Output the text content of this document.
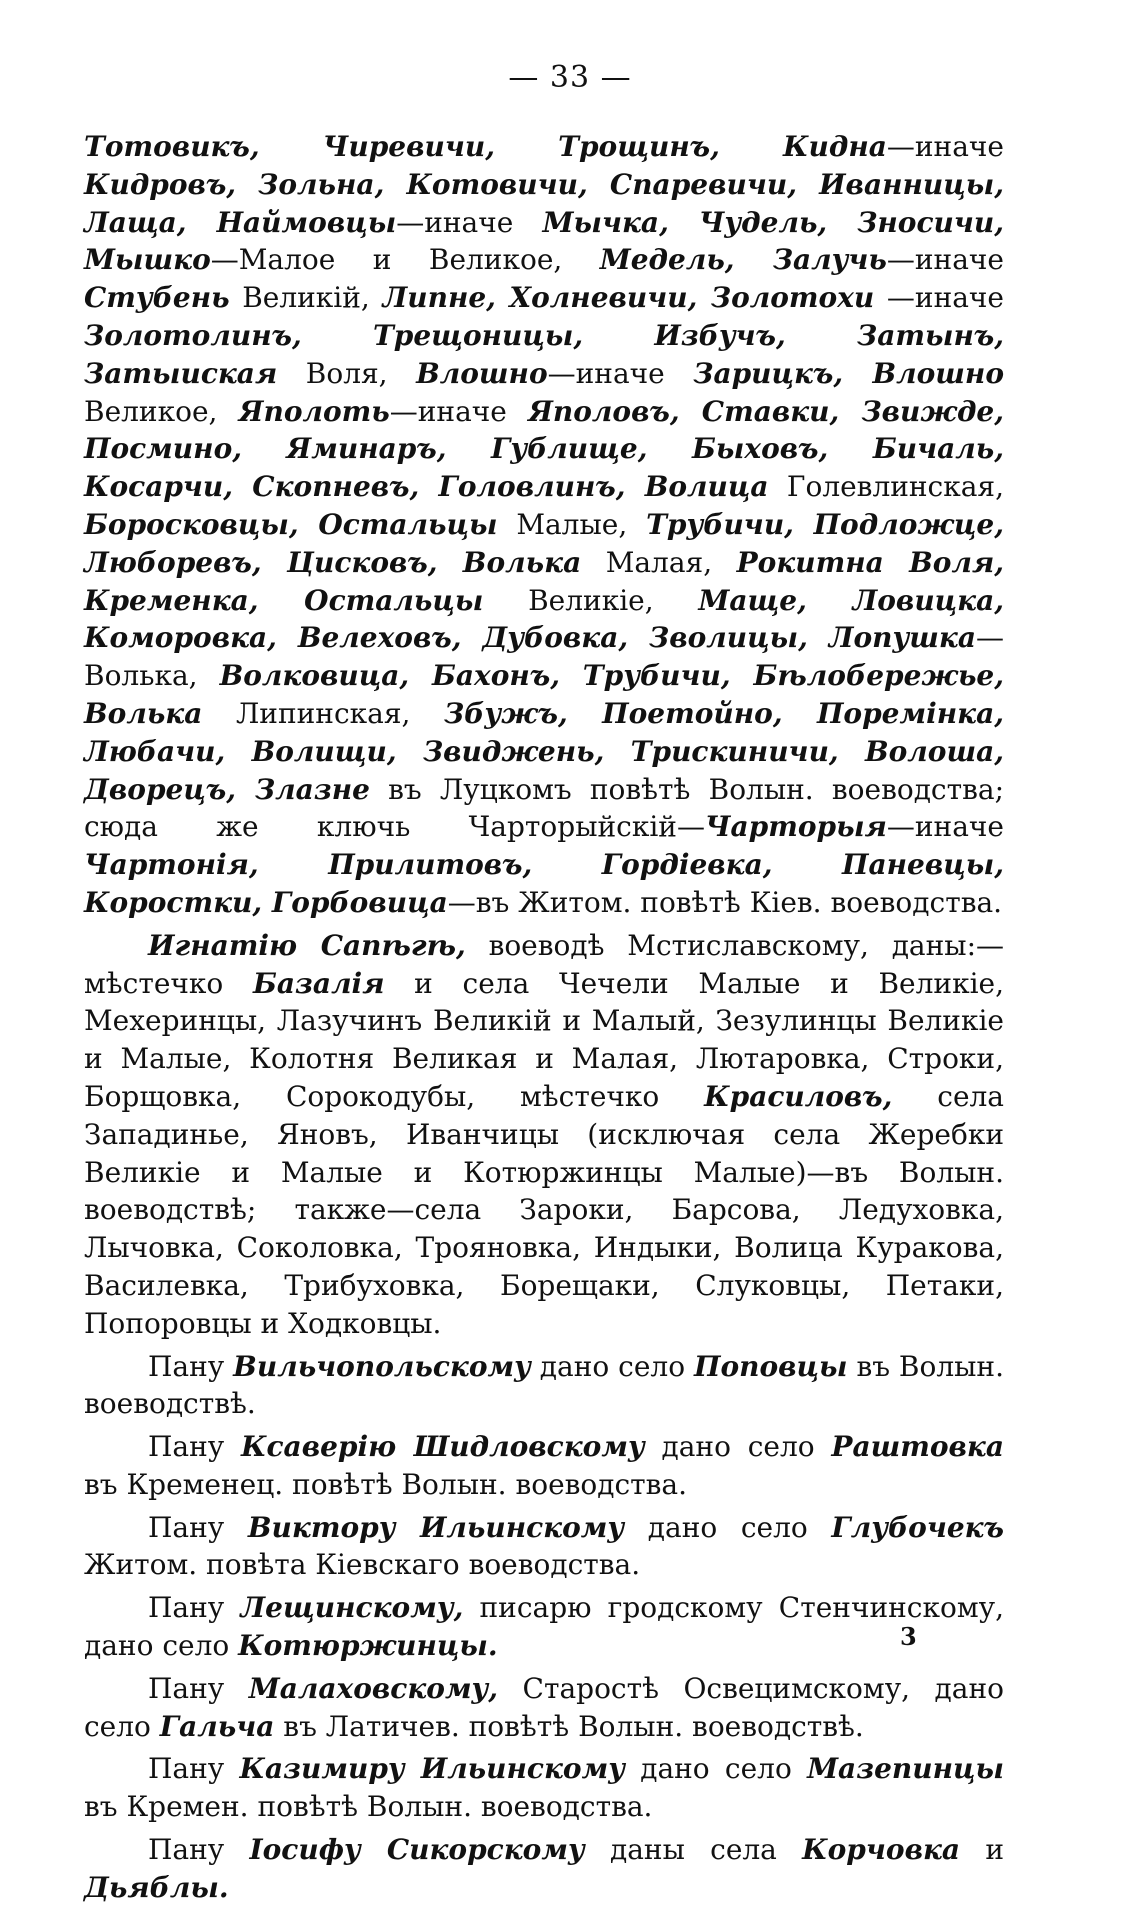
— 33 —

Тотовикъ, Чиревичи, Трощинъ, Кидна—иначе Кидровъ, Зольна, Котовичи, Спаревичи, Иванницы, Лаща, Наймовцы—иначе Мычка, Чудель, Зносичи, Мышко—Малое и Великое, Медель, Залучь—иначе Стубень Великій, Липне, Холневичи, Золотохи —иначе Золотолинъ, Трещоницы, Избучъ, Затынъ, Затыиская Воля, Влошно—иначе Зарицкъ, Влошно Великое, Яполоть—иначе Яполовъ, Ставки, Звижде, Посмино, Яминаръ, Гублище, Быховъ, Бичаль, Косарчи, Скопневъ, Головлинъ, Волица Голевлинская, Боросковцы, Остальцы Малые, Трубичи, Подложце, Люборевъ, Цисковъ, Волька Малая, Рокитна Воля, Кременка, Остальцы Великіе, Маще, Ловицка, Коморовка, Велеховъ, Дубовка, Зволицы, Лопушка—Волька, Волковица, Бахонъ, Трубичи, Бѣлобережье, Волька Липинская, Збужъ, Поетойно, Поремінка, Любачи, Волищи, Звиджень, Трискиничи, Волоша, Дворецъ, Злазне въ Луцкомъ повѣтѣ Волын. воеводства; сюда же ключь Чарторыйскій—Чарторыя—иначе Чартонія, Прилитовъ, Гордіевка, Паневцы, Коростки, Горбовица—въ Житом. повѣтѣ Кіев. воеводства.

Игнатію Сапѣгѣ, воеводѣ Мстиславскому, даны:—мѣстечко Базалія и села Чечели Малые и Великіе, Мехеринцы, Лазучинъ Великій и Малый, Зезулинцы Великіе и Малые, Колотня Великая и Малая, Лютаровка, Строки, Борщовка, Сорокодубы, мѣстечко Красиловъ, села Западинье, Яновъ, Иванчицы (исключая села Жеребки Великіе и Малые и Котюржинцы Малые)—въ Волын. воеводствѣ; также—села Зароки, Барсова, Ледуховка, Лычовка, Соколовка, Трояновка, Индыки, Волица Куракова, Василевка, Трибуховка, Борещаки, Слуковцы, Петаки, Попоровцы и Ходковцы.

Пану Вильчопольскому дано село Поповцы въ Волын. воеводствѣ.

Пану Ксаверію Шидловскому дано село Раштовка въ Кременец. повѣтѣ Волын. воеводства.

Пану Виктору Ильинскому дано село Глубочекъ Житом. повѣта Кіевскаго воеводства.

Пану Лещинскому, писарю гродскому Стенчинскому, дано село Котюржинцы.

Пану Малаховскому, Старостѣ Освецимскому, дано село Гальча въ Латичев. повѣтѣ Волын. воеводствѣ.

Пану Казимиру Ильинскому дано село Мазепинцы въ Кремен. повѣтѣ Волын. воеводства.

Пану Іосифу Сикорскому даны села Корчовка и Дьяблы.

3
